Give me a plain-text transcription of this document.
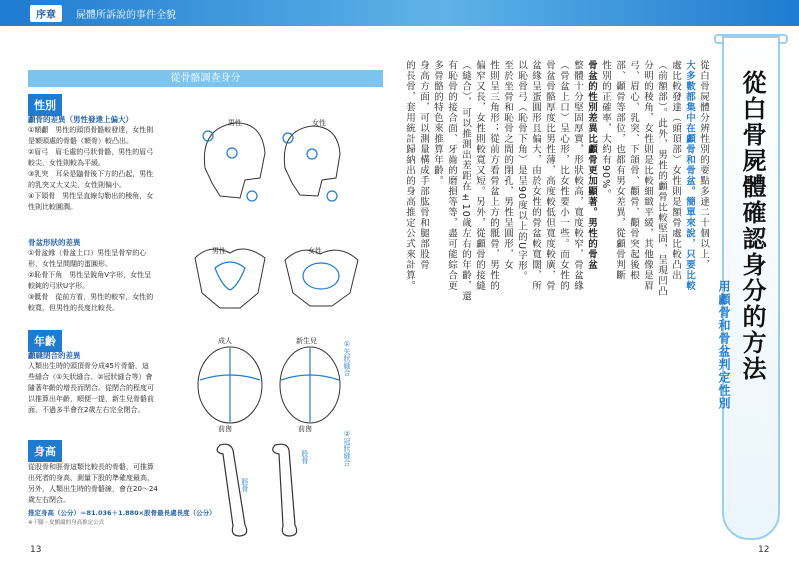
序章	屍體所訴說的事件全貌
從骨骼調查身分
性別
顱骨的差異（男性發達上偏大）
①額顱　男性的頭頂骨骼較發達，女性則
是額頭處的骨骼（額骨）較凸出。
②眉弓　眉毛處的弓狀骨骼，男性的眉弓
較尖，女性則較為平緩。
③乳突　耳朵是鼬骨後下方的凸起，男性
的乳突又大又尖，女性則偏小。
④下頜骨　男性呈直線勾勒出的稜角，女
性則比較圓潤。
骨盆形狀的差異
①骨盆緣（骨盆上口）男性呈骨窄的心
形，女性呈間闊的蛋圓形。
②恥骨下角　男性呈銳角V字形，女性呈
較鈍的弓狀U字形。
③骶骨　從前方看，男性的較窄，女性的
較寬，但男性的長度比較長。
年齡
顱縫閉合的差異
人類出生時的頭頂骨分成45片骨骼，這
些縫合（①矢狀縫合、②冠狀縫合等）會
隨著年齡的增長而閉合。從閉合的程度可
以推算出年齡，順便一提，新生兒骨骼前
面，不過多半會在2歲左右完全閉合。
身高
從股骨和脛骨這類比較長的骨骼，可推算
出死者的身高，測量下股的準確度最高，
另外，人類出生時的骨骼線，會在20～24
歲左右閉合。
推定身高（公分）＝81.036＋1.880×股骨最長處長度（公分）
※干腳・皮顫腐的身高推定公式
男性	女性
男性	女性
成人	新生兒
前囪	前囪
①矢狀縫合
②冠狀縫合
脛骨
股骨
13
從白骨屍體分辨性別的要點多達二十個以上，
大多數都集中在顱骨和骨盆。簡單來說，只要比較
處比較發達（頭頂部）女性則是額骨處比較凸出
（前額部）。此外，男性的顱骨比較堅固，呈現凹凸
分明的稜角，女性則是比較細緻平緩，其他像是眉
弓、眉心、乳突、下頜骨、顴骨、顴骨突起後根
部、顳骨等部位，也都有男女差異，從顱骨判斷
性別的正確率，大約有90%。
骨盆的性別差異比顱骨更加顯著。男性的骨盆
整體十分堅固厚實，形狀較高，寬度較窄，骨盆緣
（骨盆上口）呈心形，比女性要小一些。而女性的
骨盆骨骼厚度比男性薄，高度較低但寬度較廣，骨
盆緣呈蛋圓形且偏大，由於女性的骨盆較寬闊，所
以恥骨弓（恥骨下角）是呈90度以上的U字形。
至於坐骨和恥骨之間的閉孔，男性呈圓形，女
性則呈三角形；從前方看骨盆上方的骶骨，男性的
偏窄又長，女性則較寬又短。另外，從顱骨的接縫
（縫合），可以推測出差距在±10歲左右的年齡，還
有恥骨的接合面、牙齒的磨損等等，盡可能綜合更
多骨骼的特色來推算年齡。
身高方面，可以測量構成手部肱骨和腿部股骨
的長骨，套用統計歸納出的身高推定公式來計算。	從白骨屍體確認身分的方法
用顱骨和骨盆判定性別
12
